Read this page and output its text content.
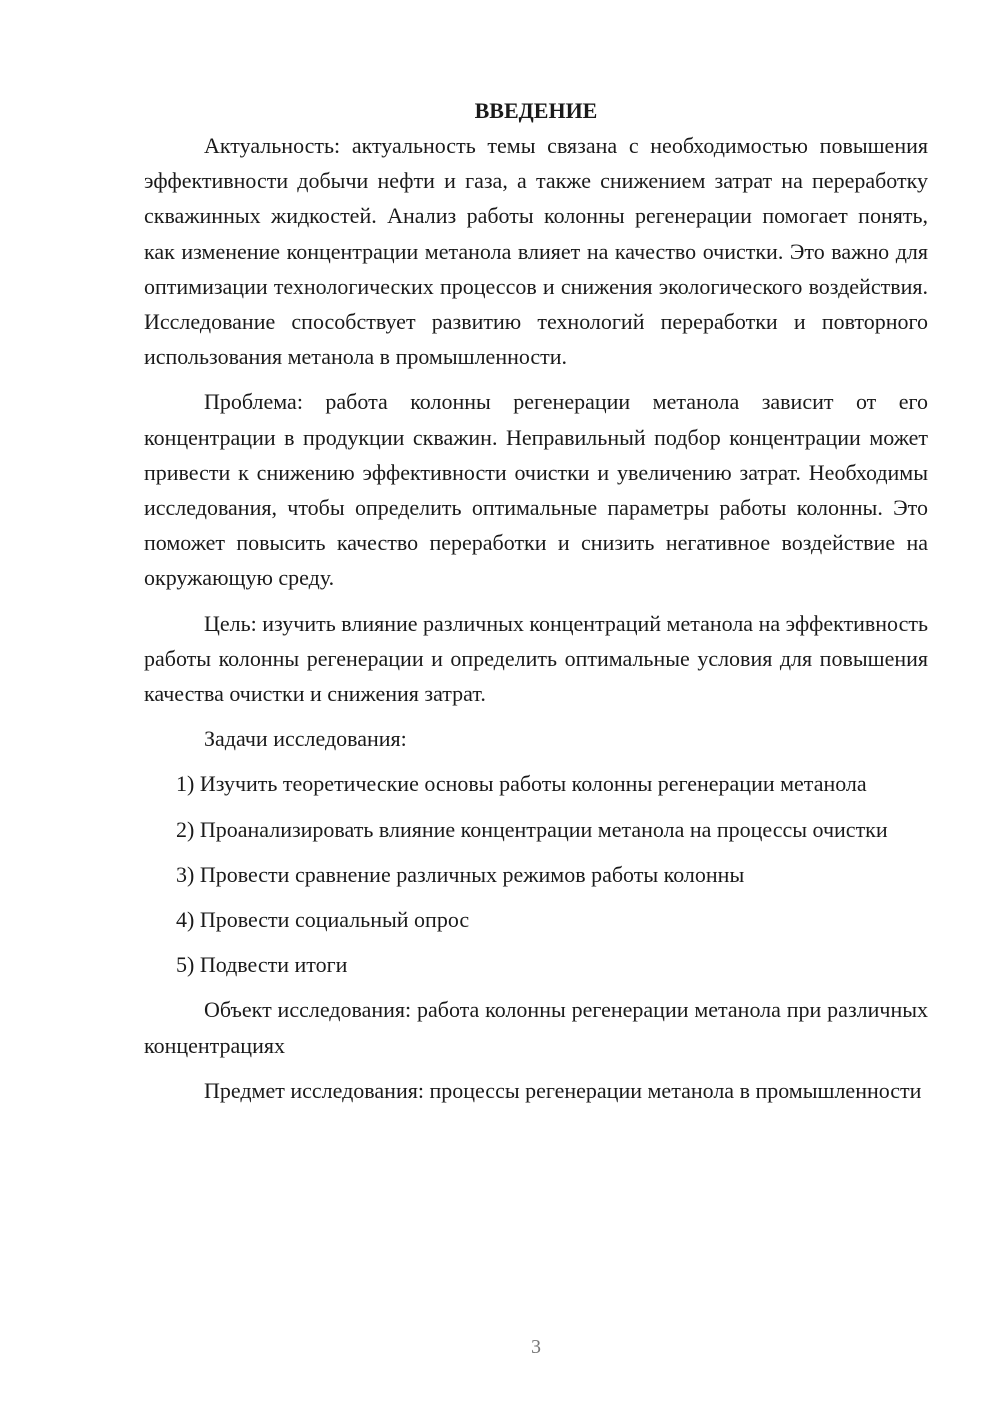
ВВЕДЕНИЕ

Актуальность: актуальность темы связана с необходимостью повышения эффективности добычи нефти и газа, а также снижением затрат на переработку скважинных жидкостей. Анализ работы колонны регенерации помогает понять, как изменение концентрации метанола влияет на качество очистки. Это важно для оптимизации технологических процессов и снижения экологического воздействия. Исследование способствует развитию технологий переработки и повторного использования метанола в промышленности.

Проблема: работа колонны регенерации метанола зависит от его концентрации в продукции скважин. Неправильный подбор концентрации может привести к снижению эффективности очистки и увеличению затрат. Необходимы исследования, чтобы определить оптимальные параметры работы колонны. Это поможет повысить качество переработки и снизить негативное воздействие на окружающую среду.

Цель: изучить влияние различных концентраций метанола на эффективность работы колонны регенерации и определить оптимальные условия для повышения качества очистки и снижения затрат.

Задачи исследования:

1) Изучить теоретические основы работы колонны регенерации метанола

2) Проанализировать влияние концентрации метанола на процессы очистки

3) Провести сравнение различных режимов работы колонны

4) Провести социальный опрос

5) Подвести итоги

Объект исследования: работа колонны регенерации метанола при различных концентрациях

Предмет исследования: процессы регенерации метанола в промышленности

3
